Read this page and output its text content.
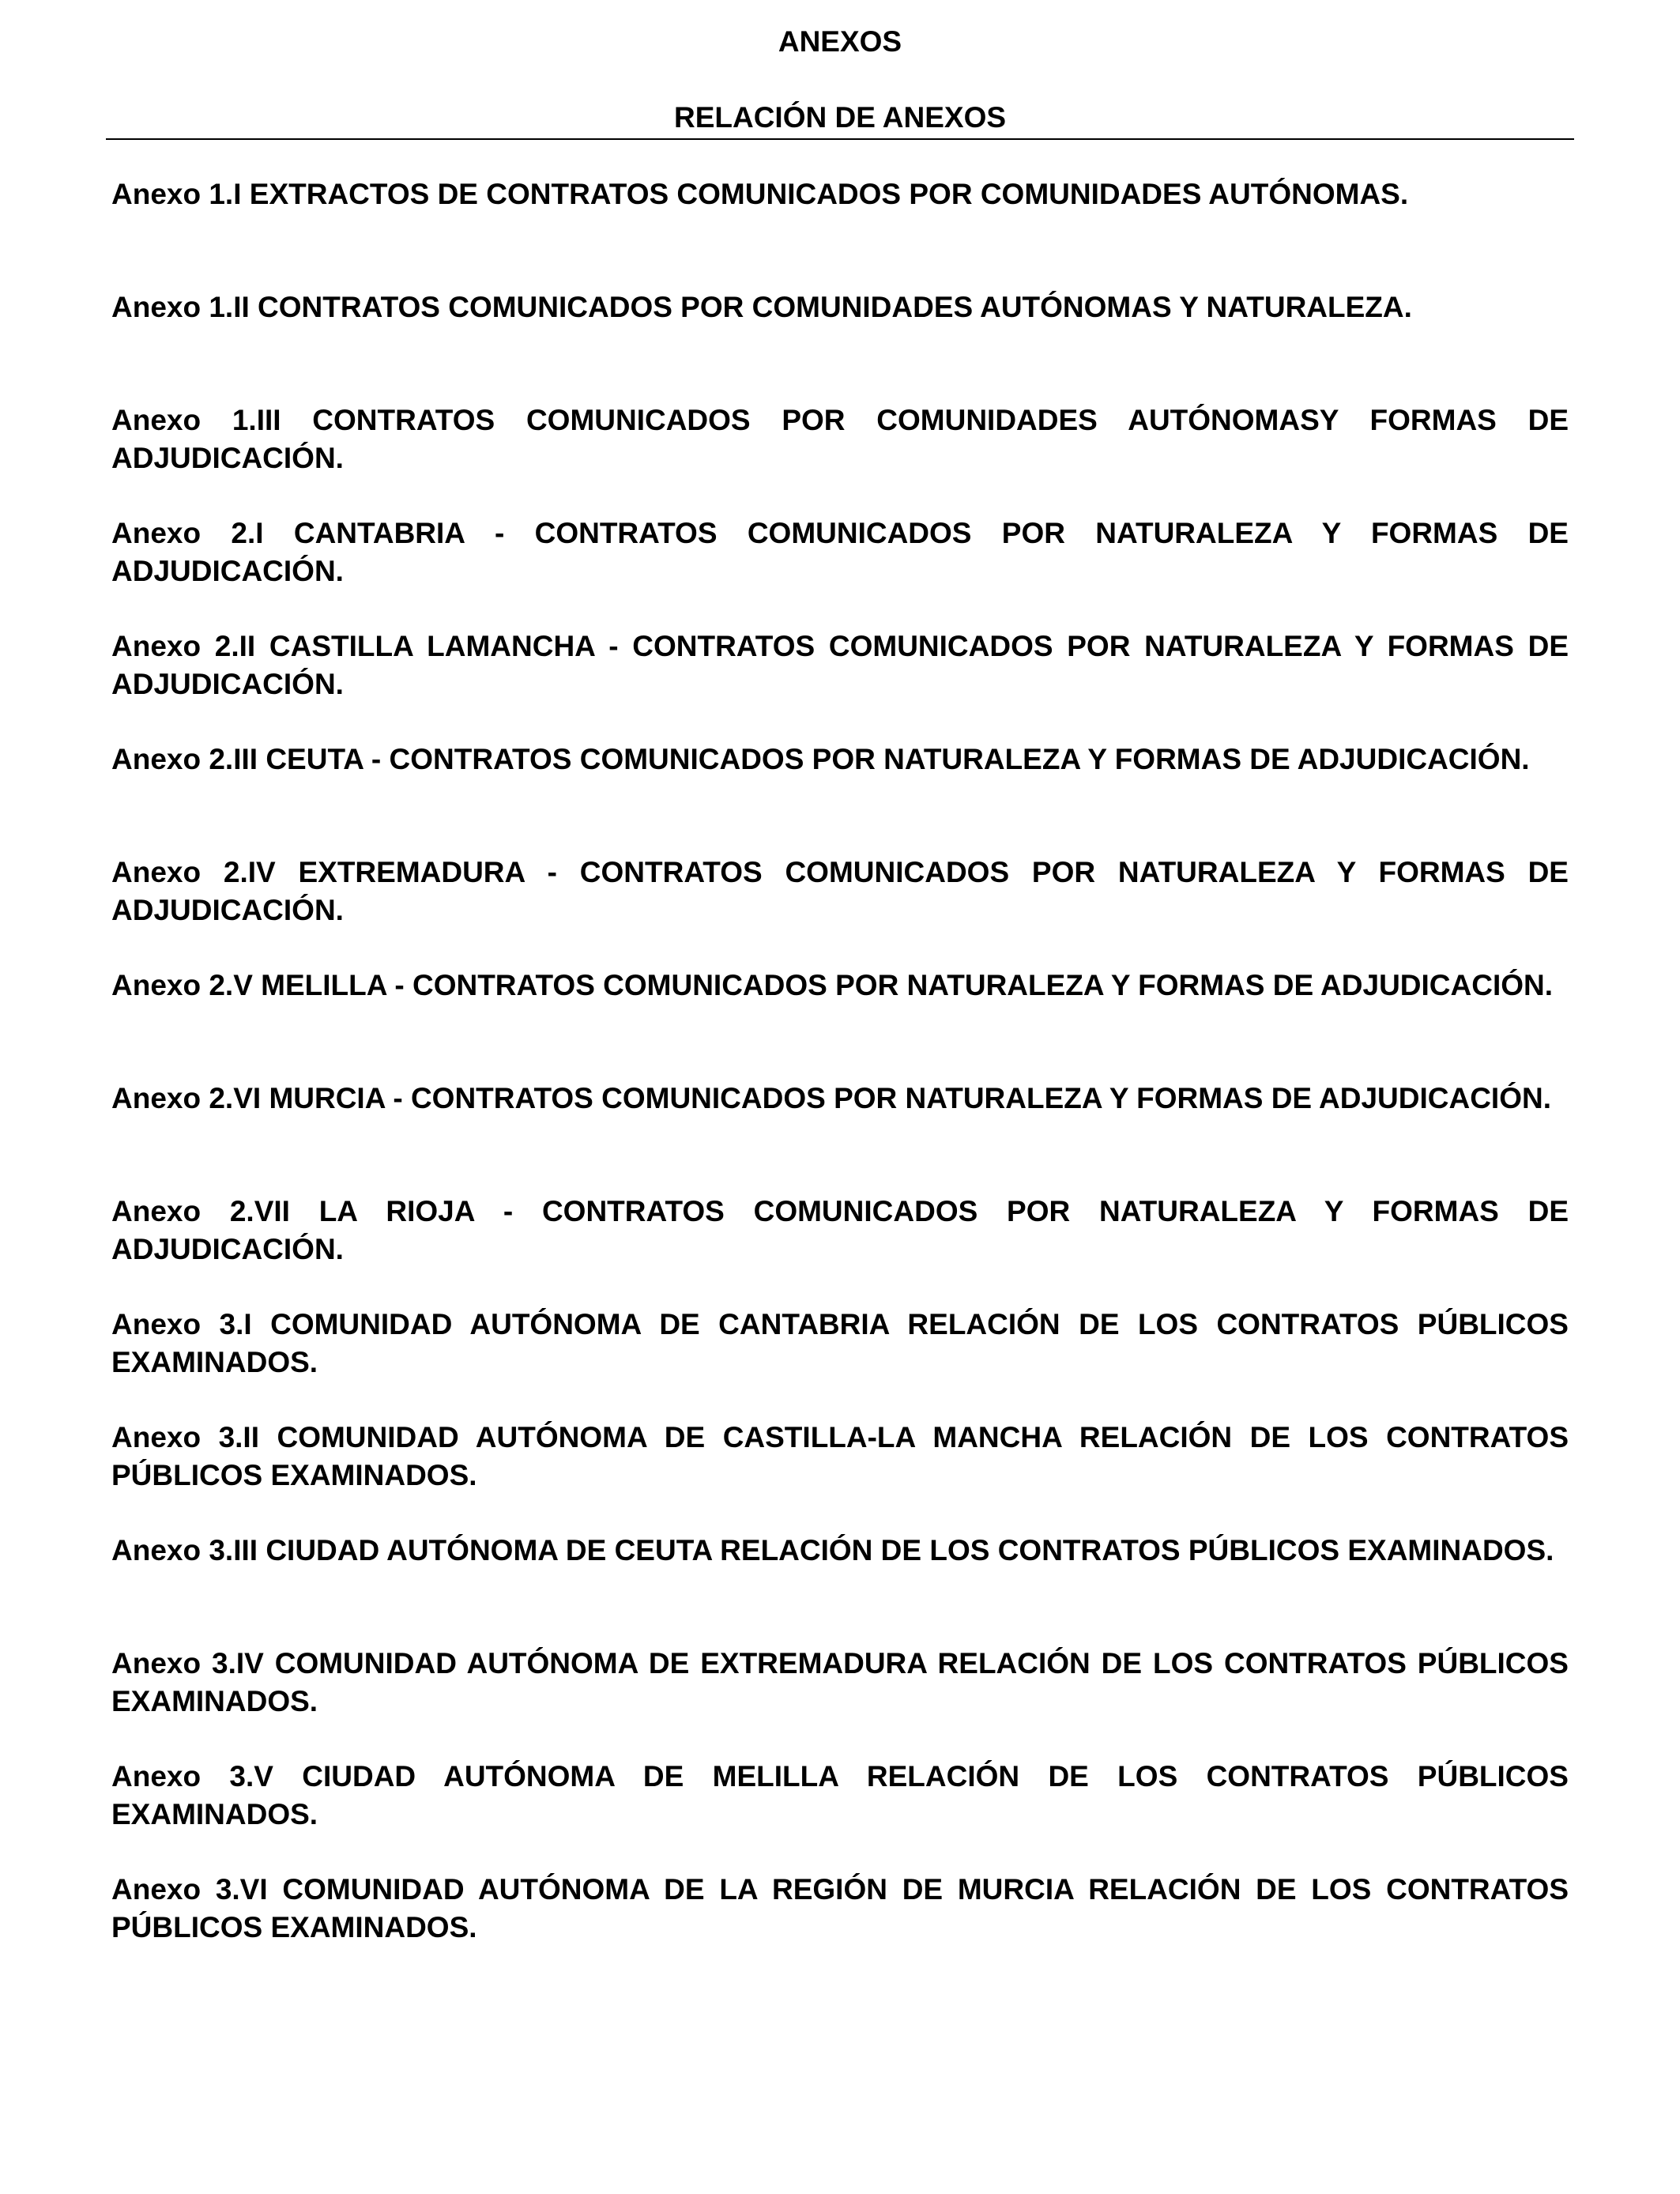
ANEXOS
RELACIÓN DE ANEXOS
Anexo 1.I EXTRACTOS DE CONTRATOS COMUNICADOS POR COMUNIDADES AUTÓNOMAS.
Anexo 1.II CONTRATOS COMUNICADOS POR COMUNIDADES AUTÓNOMAS Y NATURALEZA.
Anexo 1.III CONTRATOS COMUNICADOS POR COMUNIDADES AUTÓNOMASY FORMAS DE ADJUDICACIÓN.
Anexo 2.I CANTABRIA - CONTRATOS COMUNICADOS POR NATURALEZA Y FORMAS DE ADJUDICACIÓN.
Anexo 2.II CASTILLA LAMANCHA - CONTRATOS COMUNICADOS POR NATURALEZA Y FORMAS DE ADJUDICACIÓN.
Anexo 2.III CEUTA - CONTRATOS COMUNICADOS POR NATURALEZA Y FORMAS DE ADJUDICACIÓN.
Anexo 2.IV EXTREMADURA - CONTRATOS COMUNICADOS POR NATURALEZA Y FORMAS DE ADJUDICACIÓN.
Anexo 2.V MELILLA - CONTRATOS COMUNICADOS POR NATURALEZA Y FORMAS DE ADJUDICACIÓN.
Anexo 2.VI MURCIA - CONTRATOS COMUNICADOS POR NATURALEZA Y FORMAS DE ADJUDICACIÓN.
Anexo 2.VII LA RIOJA - CONTRATOS COMUNICADOS POR NATURALEZA Y FORMAS DE ADJUDICACIÓN.
Anexo 3.I COMUNIDAD AUTÓNOMA DE CANTABRIA RELACIÓN DE LOS CONTRATOS PÚBLICOS EXAMINADOS.
Anexo 3.II COMUNIDAD AUTÓNOMA DE CASTILLA-LA MANCHA RELACIÓN DE LOS CONTRATOS PÚBLICOS EXAMINADOS.
Anexo 3.III CIUDAD AUTÓNOMA DE CEUTA RELACIÓN DE LOS CONTRATOS PÚBLICOS EXAMINADOS.
Anexo 3.IV COMUNIDAD AUTÓNOMA DE EXTREMADURA RELACIÓN DE LOS CONTRATOS PÚBLICOS EXAMINADOS.
Anexo 3.V CIUDAD AUTÓNOMA DE MELILLA RELACIÓN DE LOS CONTRATOS PÚBLICOS EXAMINADOS.
Anexo 3.VI COMUNIDAD AUTÓNOMA DE LA REGIÓN DE MURCIA RELACIÓN DE LOS CONTRATOS PÚBLICOS EXAMINADOS.
